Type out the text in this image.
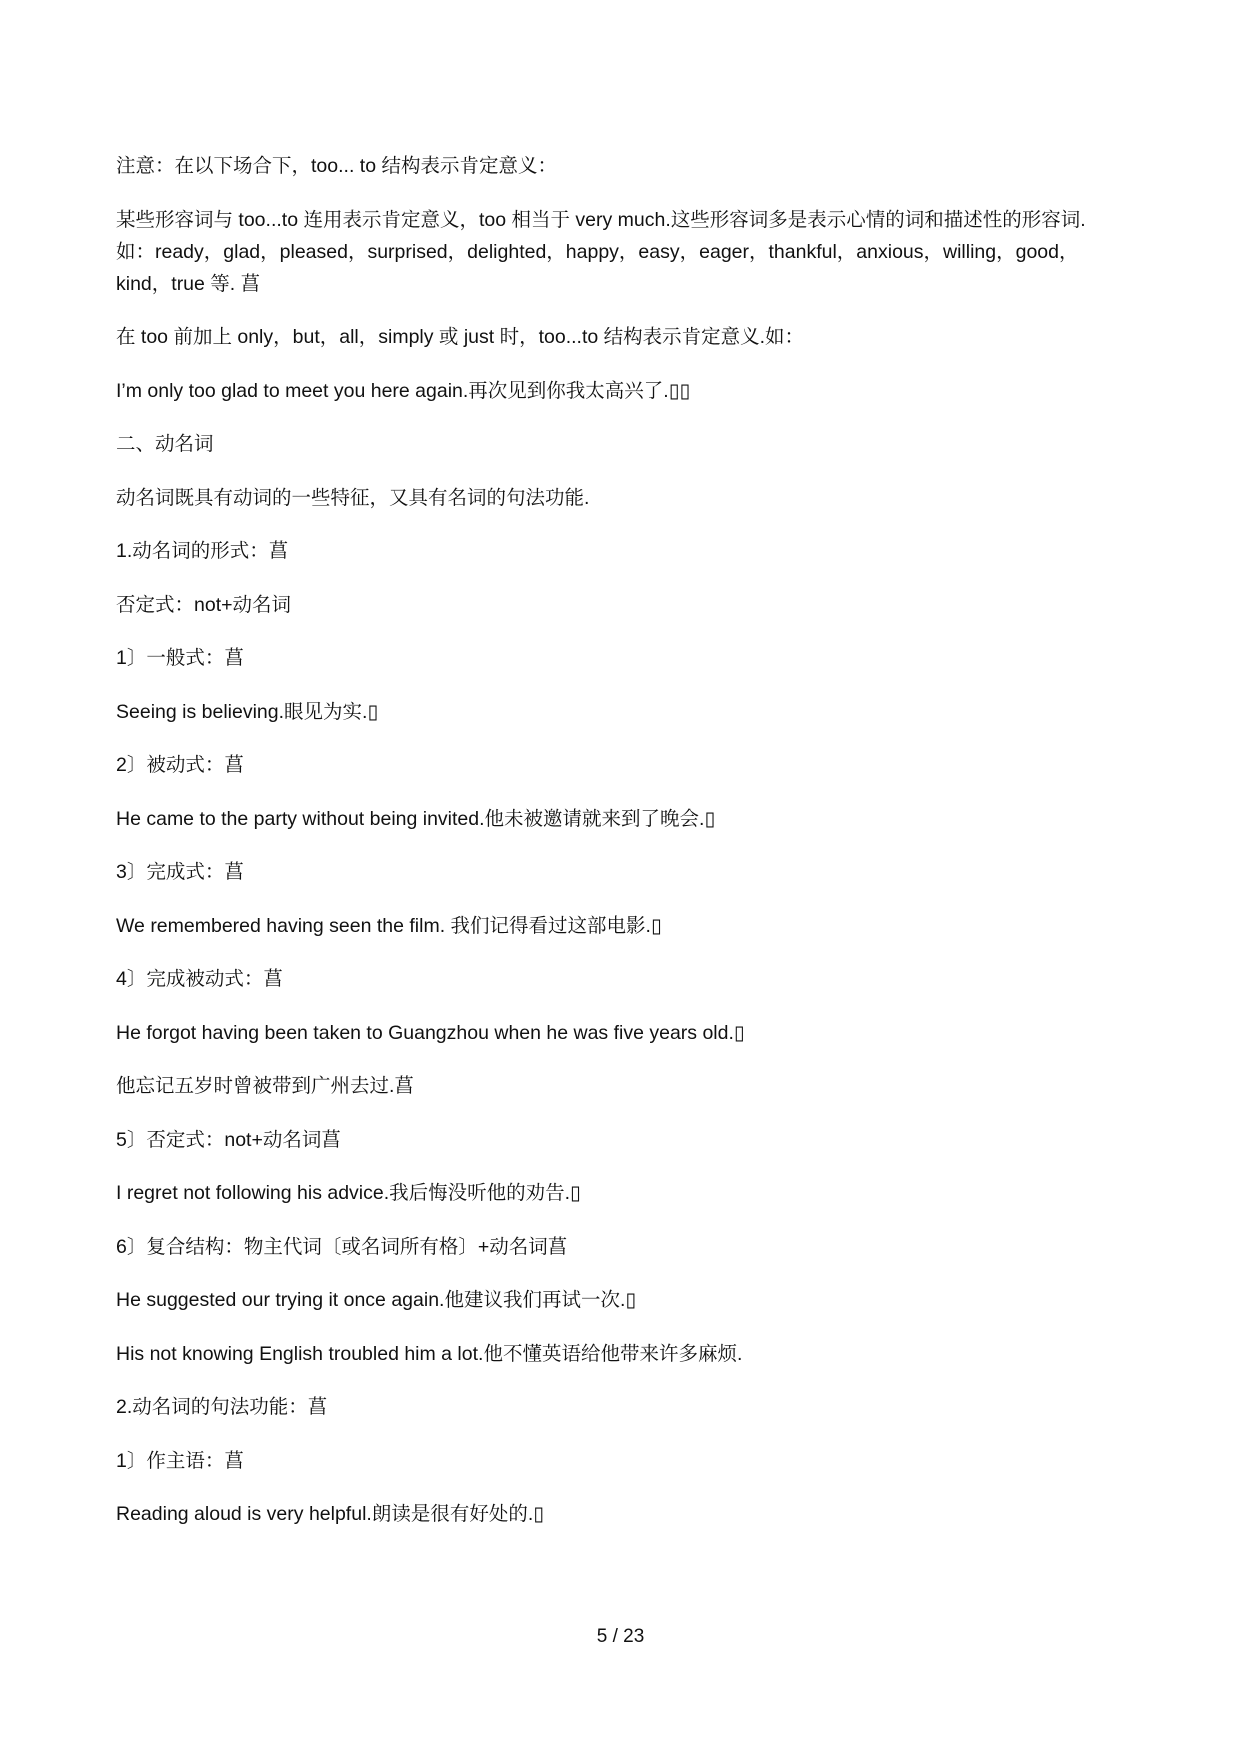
注意：在以下场合下，too... to 结构表示肯定意义：

某些形容词与 too...to 连用表示肯定意义，too 相当于 very much.这些形容词多是表示心情的词和描述性的形容词. 如：ready，glad，pleased，surprised，delighted，happy，easy，eager，thankful，anxious，willing，good，kind，true 等. 菖

在 too 前加上 only，but，all，simply 或 just 时，too...to 结构表示肯定意义.如：

I’m only too glad to meet you here again.再次见到你我太高兴了.▯▯

二、动名词

动名词既具有动词的一些特征，又具有名词的句法功能.

1.动名词的形式：菖

否定式：not+动名词

1〕一般式：菖

Seeing is believing.眼见为实.▯

2〕被动式：菖

He came to the party without being invited.他未被邀请就来到了晚会.▯

3〕完成式：菖

We remembered having seen the film. 我们记得看过这部电影.▯

4〕完成被动式：菖

He forgot having been taken to Guangzhou when he was five years old.▯

他忘记五岁时曾被带到广州去过.菖

5〕否定式：not+动名词菖

I regret not following his advice.我后悔没听他的劝告.▯

6〕复合结构：物主代词〔或名词所有格〕+动名词菖

He suggested our trying it once again.他建议我们再试一次.▯

His not knowing English troubled him a lot.他不懂英语给他带来许多麻烦.

2.动名词的句法功能：菖

1〕作主语：菖

Reading aloud is very helpful.朗读是很有好处的.▯

5 / 23
